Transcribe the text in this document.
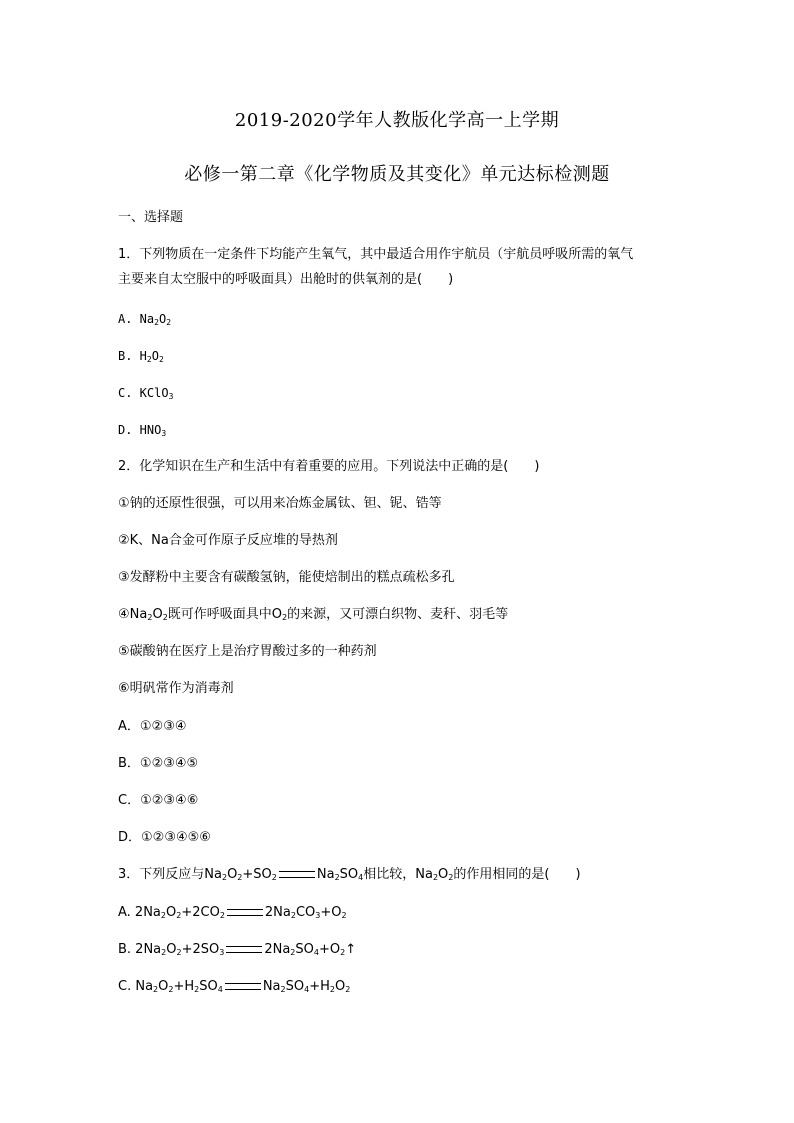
2019-2020学年人教版化学高一上学期
必修一第二章《化学物质及其变化》单元达标检测题
一、选择题
1．下列物质在一定条件下均能产生氧气，其中最适合用作宇航员（宇航员呼吸所需的氧气
主要来自太空服中的呼吸面具）出舱时的供氧剂的是(　　)
A. $Na_2O_2$
B. $H_2O_2$
C. KClO$_3$
D. $HNO_3$
2．化学知识在生产和生活中有着重要的应用。下列说法中正确的是(　　)
①钠的还原性很强，可以用来冶炼金属钛、钽、铌、锆等
②K、Na合金可作原子反应堆的导热剂
③发酵粉中主要含有碳酸氢钠，能使焙制出的糕点疏松多孔
$④Na_2O_2$既可作呼吸面具中$O_2$的来源，又可漂白织物、麦秆、羽毛等
⑤碳酸钠在医疗上是治疗胃酸过多的一种药剂
⑥明矾常作为消毒剂
A．①②③④
B．①②③④⑤
C．①②③④⑥
D．①②③④⑤⑥
3．下列反应与$Na_2O_2+SO_2$	$Na_2SO_4$相比较，$Na_2O_2$的作用相同的是(　　)
A. $2Na_2O_2+2CO_2$	$2Na_2CO_3+O_2$
B. $2Na_2O_2+2SO_3$	$2Na_2SO_4+O_2↑$
C. $Na_2O_2+H_2SO_4$	$Na_2SO_4+H_2O_2$
